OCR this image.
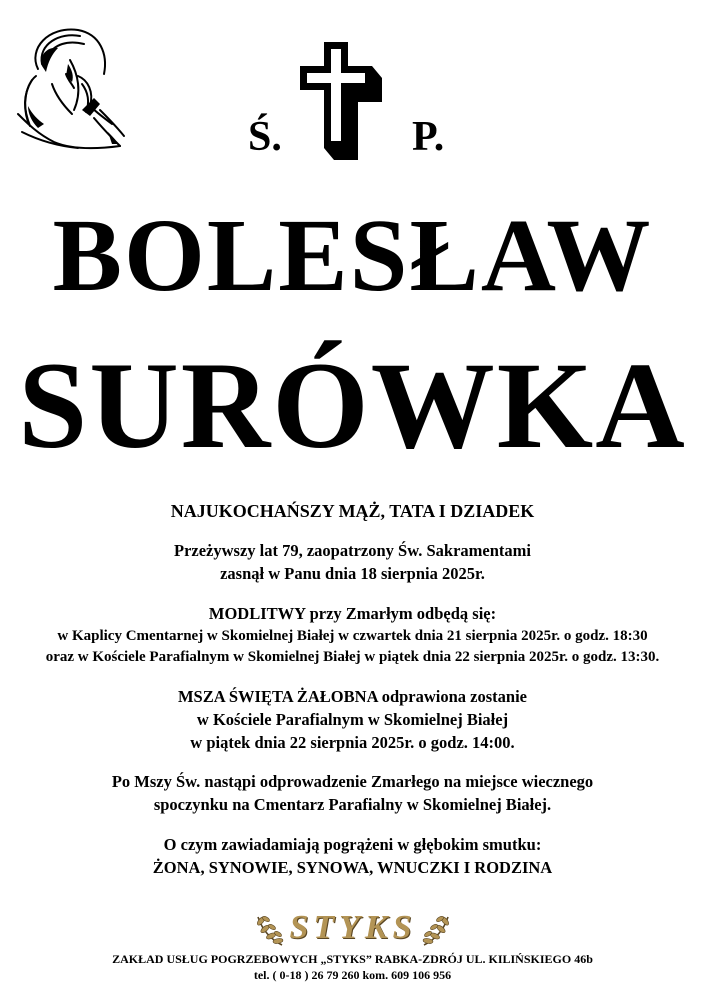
Ś.	P.
BOLESŁAW
SURÓWKA
NAJUKOCHAŃSZY MĄŻ, TATA I DZIADEK
Przeżywszy lat 79, zaopatrzony Św. Sakramentami
zasnął w Panu dnia 18 sierpnia 2025r.
MODLITWY przy Zmarłym odbędą się:
w Kaplicy Cmentarnej w Skomielnej Białej w czwartek dnia 21 sierpnia 2025r. o godz. 18:30
oraz w Kościele Parafialnym w Skomielnej Białej w piątek dnia 22 sierpnia 2025r. o godz. 13:30.
MSZA ŚWIĘTA ŻAŁOBNA odprawiona zostanie
w Kościele Parafialnym w Skomielnej Białej
w piątek dnia 22 sierpnia 2025r. o godz. 14:00.
Po Mszy Św. nastąpi odprowadzenie Zmarłego na miejsce wiecznego
spoczynku na Cmentarz Parafialny w Skomielnej Białej.
O czym zawiadamiają pogrążeni w głębokim smutku:
ŻONA, SYNOWIE, SYNOWA, WNUCZKI I RODZINA
STYKS
ZAKŁAD USŁUG POGRZEBOWYCH „STYKS” RABKA-ZDRÓJ UL. KILIŃSKIEGO 46b
tel. ( 0-18 ) 26 79 260 kom. 609 106 956
